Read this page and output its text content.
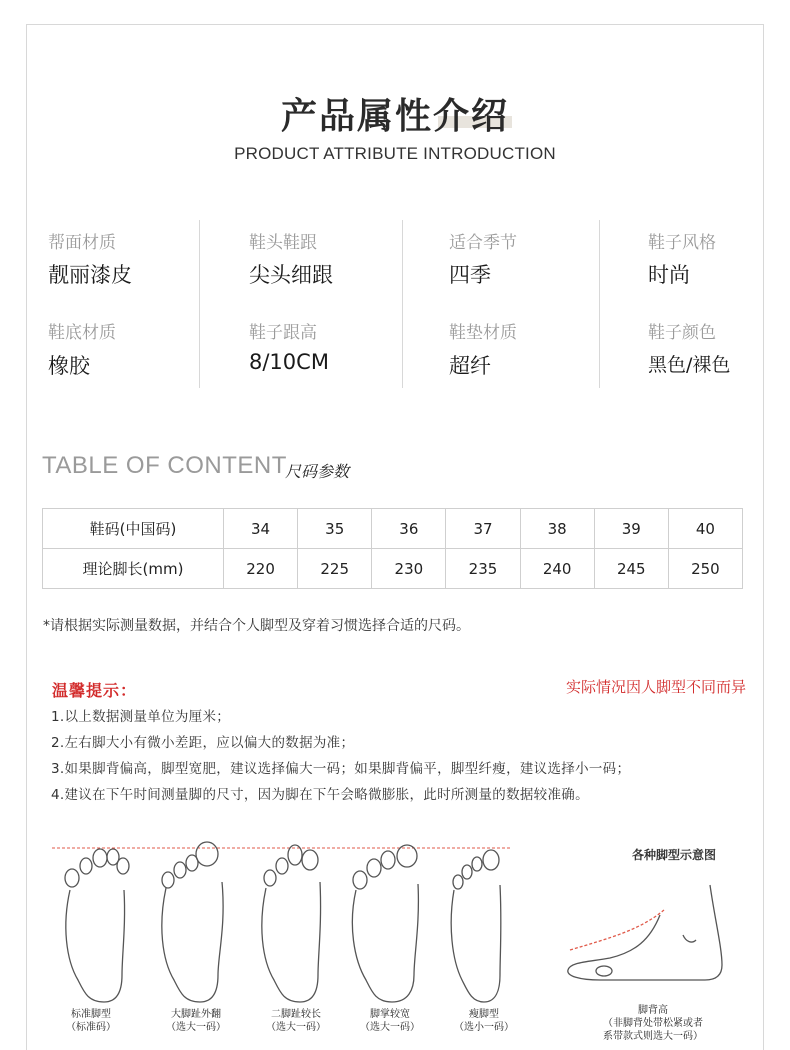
产品属性介绍
PRODUCT ATTRIBUTE INTRODUCTION
帮面材质
靓丽漆皮
鞋底材质
橡胶
鞋头鞋跟
尖头细跟
鞋子跟高
8/10CM
适合季节
四季
鞋垫材质
超纤
鞋子风格
时尚
鞋子颜色
黑色/裸色
TABLE OF CONTENT
尺码参数
鞋码(中国码)	34	35	36	37	38	39	40
理论脚长(mm)	220	225	230	235	240	245	250
*请根据实际测量数据，并结合个人脚型及穿着习惯选择合适的尺码。
温馨提示：	实际情况因人脚型不同而异
1.以上数据测量单位为厘米；
2.左右脚大小有微小差距，应以偏大的数据为准；
3.如果脚背偏高，脚型宽肥，建议选择偏大一码；如果脚背偏平，脚型纤瘦，建议选择小一码；
4.建议在下午时间测量脚的尺寸，因为脚在下午会略微膨胀，此时所测量的数据较准确。
各种脚型示意图
标准脚型
（标准码）
大脚趾外翻
（选大一码）
二脚趾较长
（选大一码）
脚掌较宽
（选大一码）
瘦脚型
（选小一码）
脚背高
（非脚背处带松紧或者
系带款式则选大一码）
